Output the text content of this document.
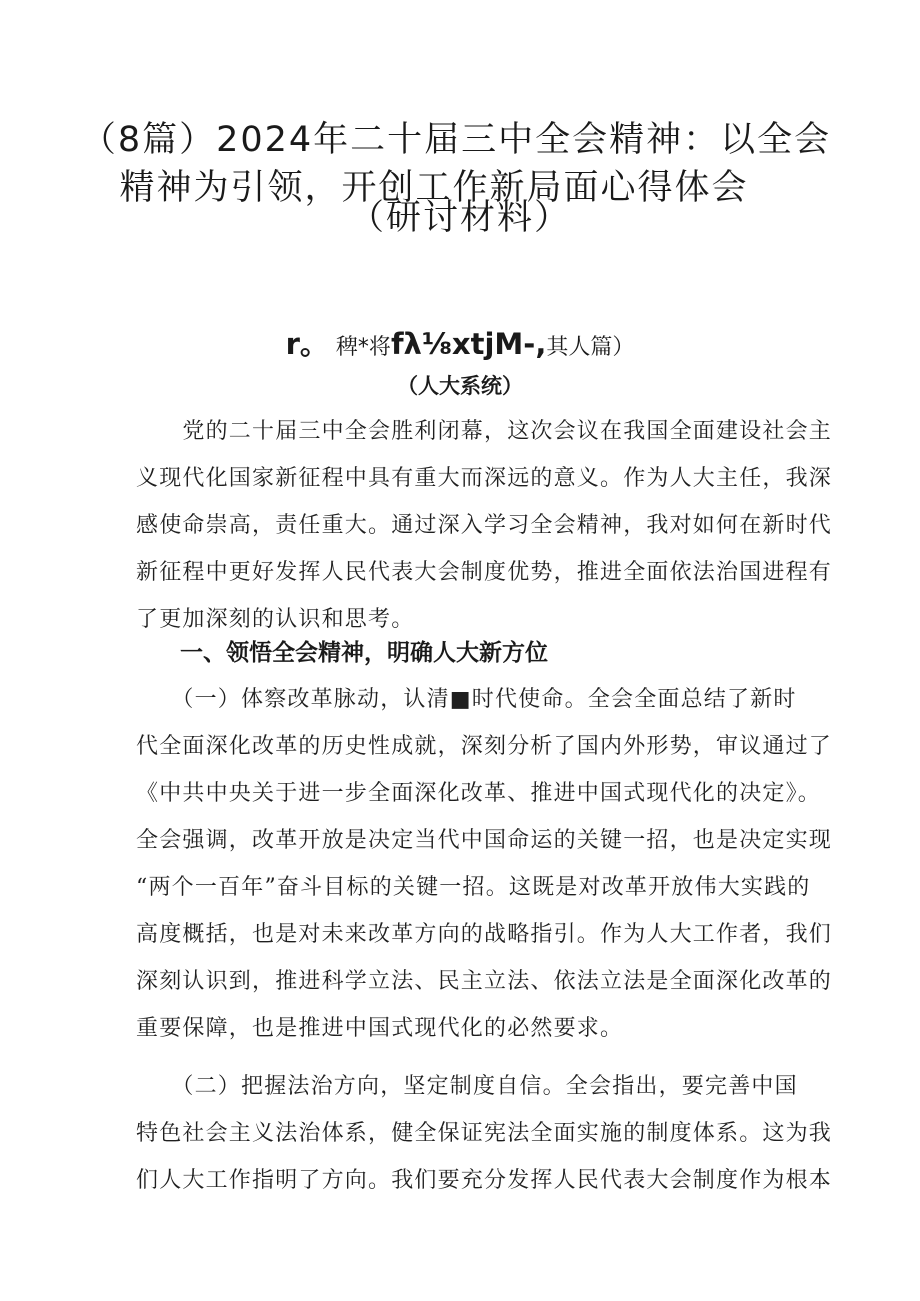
（8篇）2024年二十届三中全会精神：以全会
精神为引领，开创工作新局面心得体会
（研讨材料）
r。 稗*将fλ⅛xtjM-,其人篇）
（人大系统）
　　党的二十届三中全会胜利闭幕，这次会议在我国全面建设社会主
义现代化国家新征程中具有重大而深远的意义。作为人大主任，我深
感使命崇高，责任重大。通过深入学习全会精神，我对如何在新时代
新征程中更好发挥人民代表大会制度优势，推进全面依法治国进程有
了更加深刻的认识和思考。
一、领悟全会精神，明确人大新方位
　　（一）体察改革脉动，认清■时代使命。全会全面总结了新时
代全面深化改革的历史性成就，深刻分析了国内外形势，审议通过了
《中共中央关于进一步全面深化改革、推进中国式现代化的决定》。
全会强调，改革开放是决定当代中国命运的关键一招，也是决定实现
“两个一百年”奋斗目标的关键一招。这既是对改革开放伟大实践的
高度概括，也是对未来改革方向的战略指引。作为人大工作者，我们
深刻认识到，推进科学立法、民主立法、依法立法是全面深化改革的
重要保障，也是推进中国式现代化的必然要求。
　　（二）把握法治方向，坚定制度自信。全会指出，要完善中国
特色社会主义法治体系，健全保证宪法全面实施的制度体系。这为我
们人大工作指明了方向。我们要充分发挥人民代表大会制度作为根本
